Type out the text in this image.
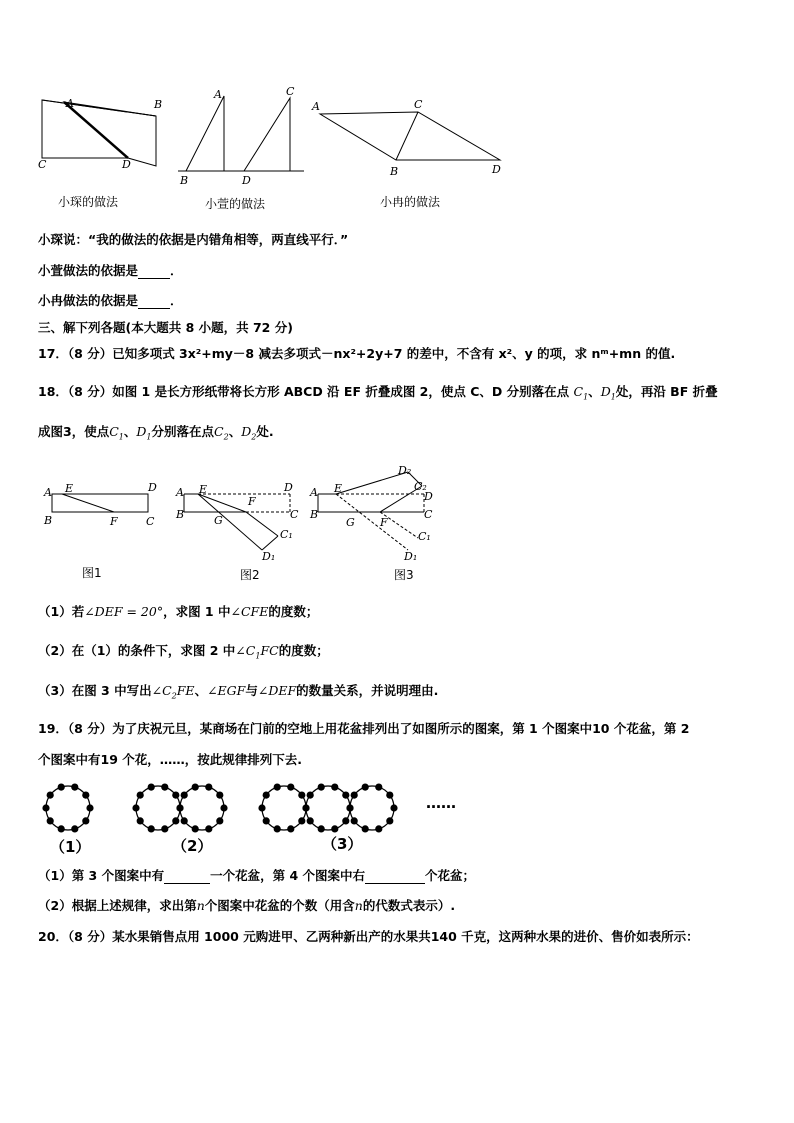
A	B
C	D
A	C
B	D
A	C
B	D
小琛的做法	小萱的做法	小冉的做法
小琛说：“我的做法的依据是内错角相等，两直线平行．”
小萱做法的依据是	．
小冉做法的依据是	．
三、解下列各题(本大题共 8 小题，共 72 分)
17．（8 分）已知多项式 3x²+my－8 减去多项式－nx²+2y+7 的差中，不含有 x²、y 的项，求 nᵐ+mn 的值.
18．（8 分）如图 1 是长方形纸带将长方形 ABCD 沿 EF 折叠成图 2，使点 C、D 分别落在点 $C_1$、$D_1$处，再沿 BF 折叠
成图3，使点$C_1$、$D_1$分别落在点$C_2$、$D_2$处.
A E	D
B	F	C
A E	D
F
B	G	C
C₁
D₁
A E
D₂
C₂
D
B
G F
C
C₁
D₁
图1	图2	图3
（1）若∠DEF = 20°，求图 1 中∠CFE的度数；
（2）在（1）的条件下，求图 2 中$\angle C_1FC$的度数；
（3）在图 3 中写出$\angle C_2FE$、∠EGF与∠DEF的数量关系，并说明理由.
19．（8 分）为了庆祝元旦，某商场在门前的空地上用花盆排列出了如图所示的图案，第 1 个图案中10 个花盆，第 2
个图案中有19 个花，……，按此规律排列下去.
（1）	（2）	（3）
……
（1）第 3 个图案中有	一个花盆，第 4 个图案中右	个花盆；
（2）根据上述规律，求出第n个图案中花盆的个数（用含n的代数式表示）.
20．（8 分）某水果销售点用 1000 元购进甲、乙两种新出产的水果共140 千克，这两种水果的进价、售价如表所示：
